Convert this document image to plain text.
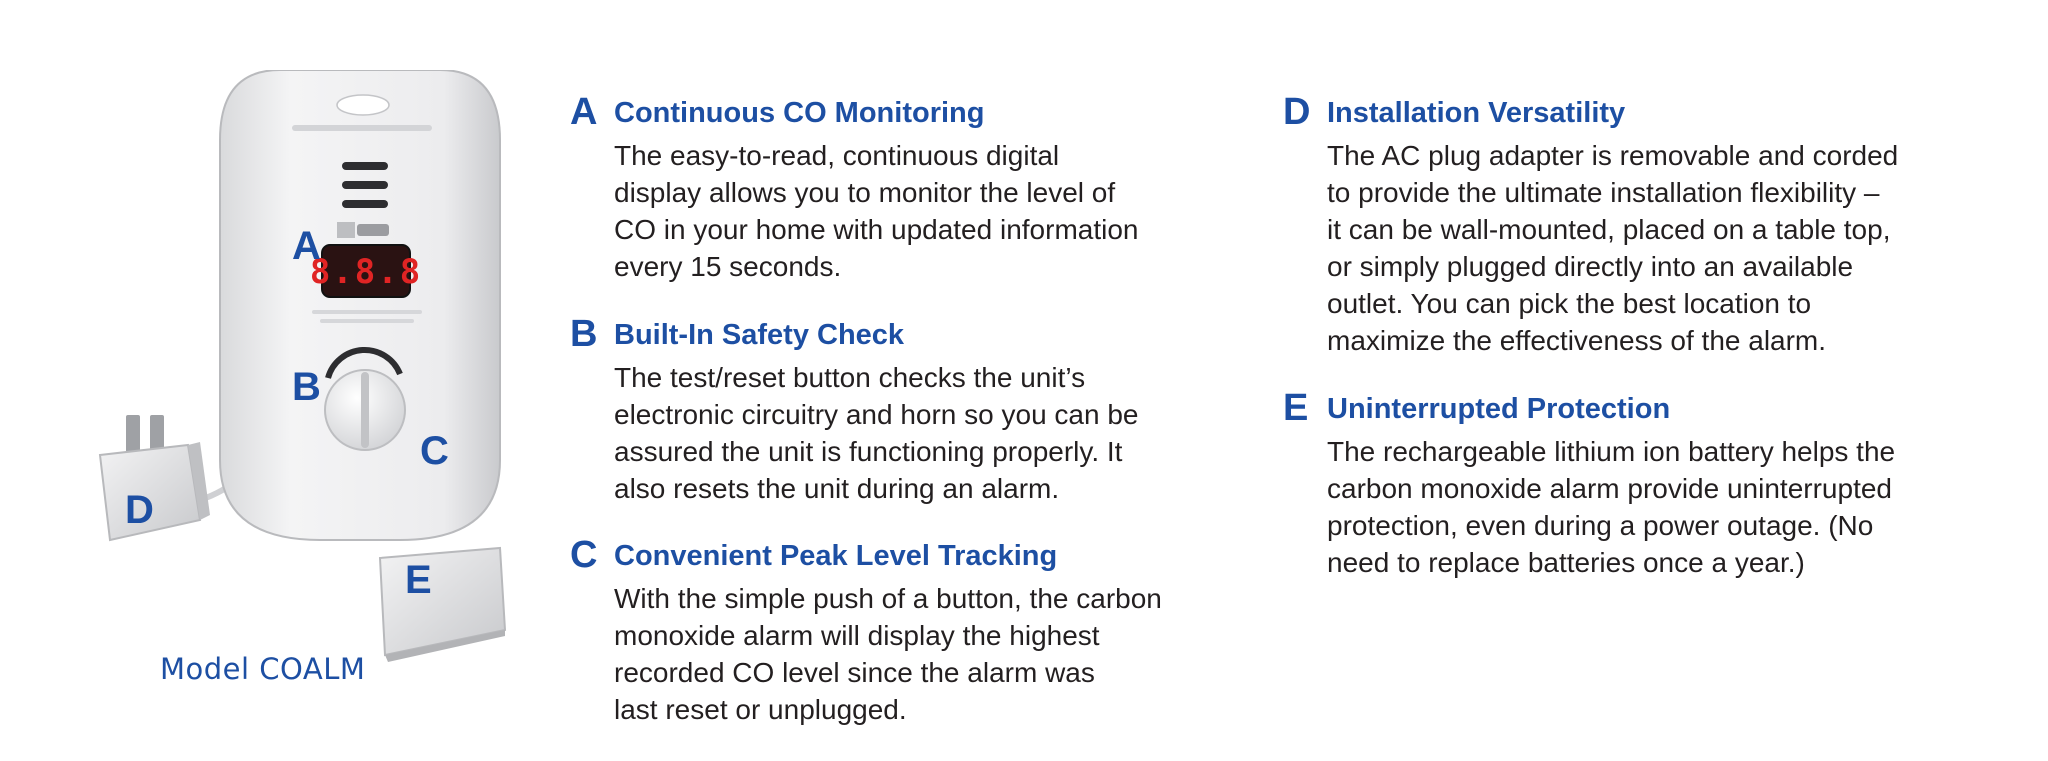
8.8.8
A
B
C
D
E
Model COALM
A Continuous CO Monitoring
The easy-to-read, continuous digital
display allows you to monitor the level of
CO in your home with updated information
every 15 seconds.
B Built-In Safety Check
The test/reset button checks the unit’s
electronic circuitry and horn so you can be
assured the unit is functioning properly. It
also resets the unit during an alarm.
C Convenient Peak Level Tracking
With the simple push of a button, the carbon
monoxide alarm will display the highest
recorded CO level since the alarm was
last reset or unplugged.
D Installation Versatility
The AC plug adapter is removable and corded
to provide the ultimate installation flexibility –
it can be wall-mounted, placed on a table top,
or simply plugged directly into an available
outlet. You can pick the best location to
maximize the effectiveness of the alarm.
E Uninterrupted Protection
The rechargeable lithium ion battery helps the
carbon monoxide alarm provide uninterrupted
protection, even during a power outage. (No
need to replace batteries once a year.)
